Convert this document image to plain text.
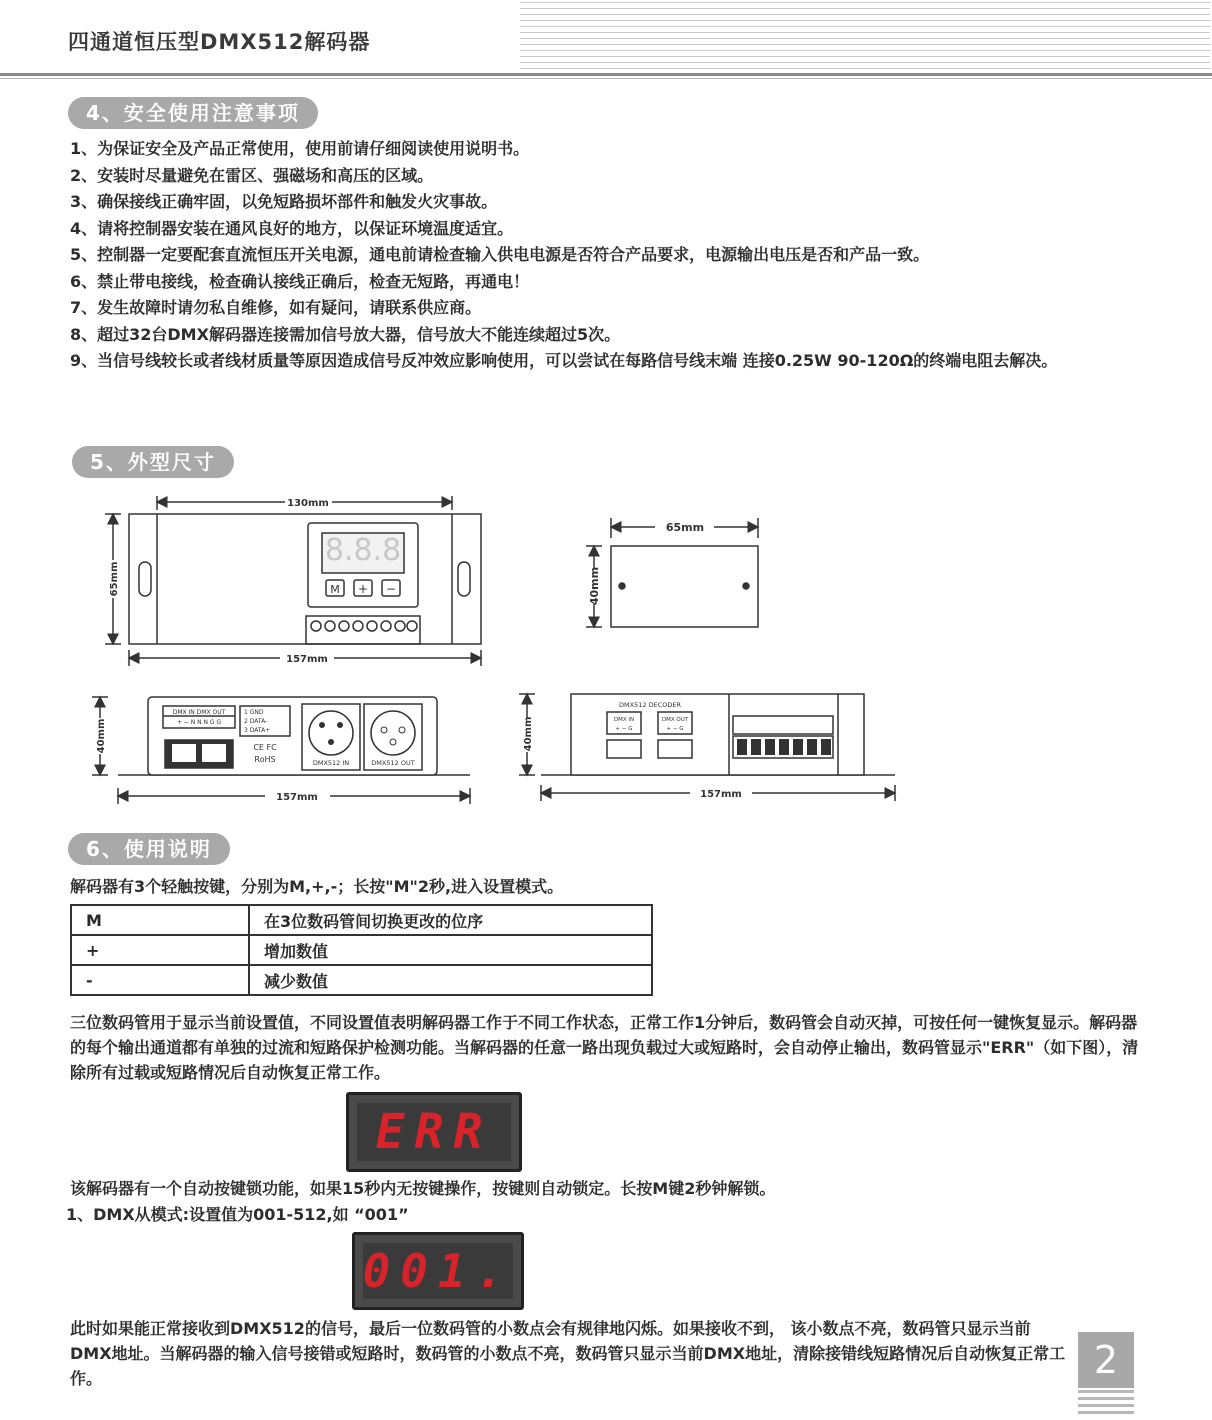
四通道恒压型DMX512解码器
4、安全使用注意事项
1、为保证安全及产品正常使用，使用前请仔细阅读使用说明书。
2、安装时尽量避免在雷区、强磁场和高压的区域。
3、确保接线正确牢固，以免短路损坏部件和触发火灾事故。
4、请将控制器安装在通风良好的地方，以保证环境温度适宜。
5、控制器一定要配套直流恒压开关电源，通电前请检查输入供电电源是否符合产品要求，电源输出电压是否和产品一致。
6、禁止带电接线，检查确认接线正确后，检查无短路，再通电！
7、发生故障时请勿私自维修，如有疑问，请联系供应商。
8、超过32台DMX解码器连接需加信号放大器，信号放大不能连续超过5次。
9、当信号线较长或者线材质量等原因造成信号反冲效应影响使用，可以尝试在每路信号线末端 连接0.25W 90-120Ω的终端电阻去解决。
5、外型尺寸
8.8.8
M + −
130mm
65mm
157mm
65mm
40mm
DMX IN DMX OUT
+ − N N N G G
1 GND
2 DATA-
3 DATA+
CE FC
RoHS	DMX512 IN	DMX512 OUT
40mm
157mm
DMX512 DECODER
DMX IN	DMX OUT
+ − G	+ − G
40mm
157mm
6、使用说明
解码器有3个轻触按键，分别为M,+,-；长按"M"2秒,进入设置模式。
M	在3位数码管间切换更改的位序
+	增加数值
-	减少数值
三位数码管用于显示当前设置值，不同设置值表明解码器工作于不同工作状态，正常工作1分钟后，数码管会自动灭掉，可按任何一键恢复显示。解码器的每个输出通道都有单独的过流和短路保护检测功能。当解码器的任意一路出现负载过大或短路时，会自动停止输出，数码管显示"ERR"（如下图），清除所有过载或短路情况后自动恢复正常工作。
ERR
该解码器有一个自动按键锁功能，如果15秒内无按键操作，按键则自动锁定。长按M键2秒钟解锁。
1、DMX从模式:设置值为001-512,如 “001”
001.
此时如果能正常接收到DMX512的信号，最后一位数码管的小数点会有规律地闪烁。如果接收不到， 该小数点不亮，数码管只显示当前DMX地址。当解码器的输入信号接错或短路时，数码管的小数点不亮，数码管只显示当前DMX地址，清除接错线短路情况后自动恢复正常工作。	2
